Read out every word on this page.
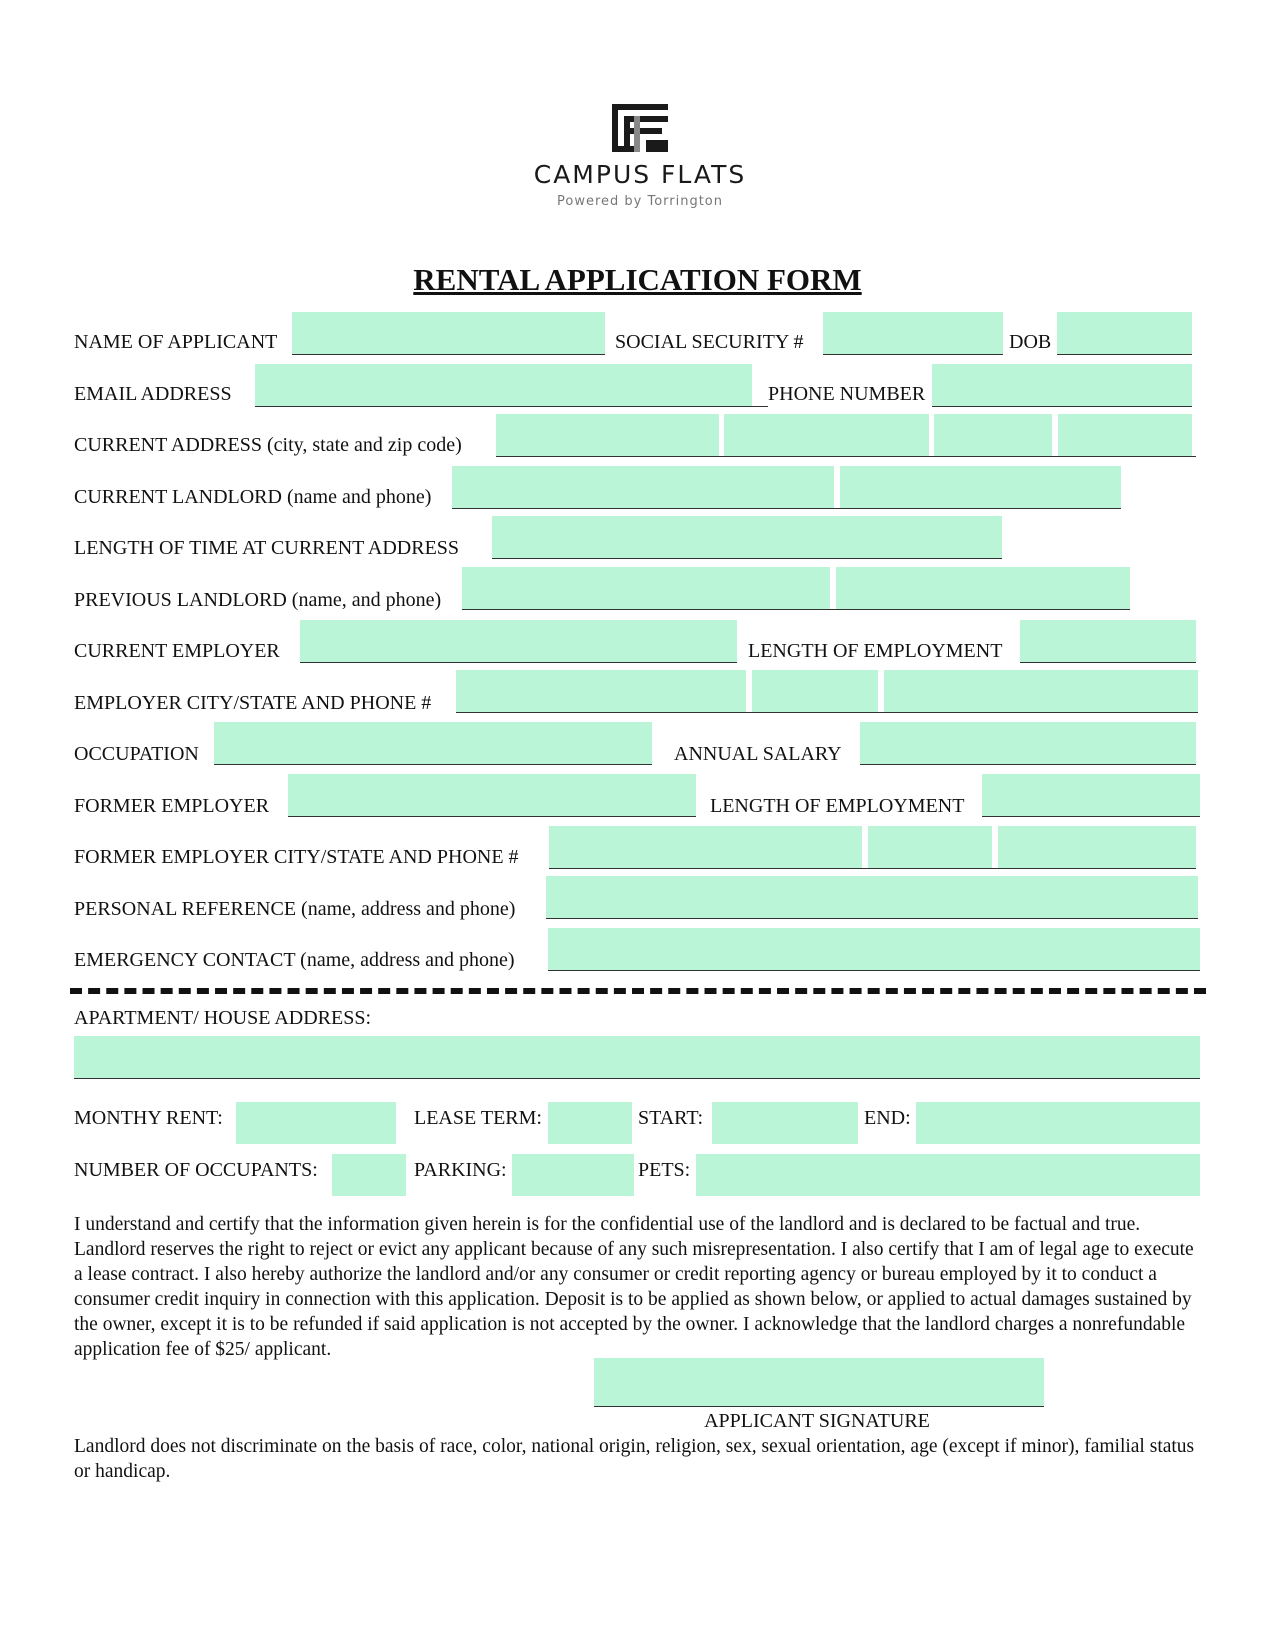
CAMPUS FLATS
Powered by Torrington
RENTAL APPLICATION FORM
NAME OF APPLICANT	SOCIAL SECURITY #	DOB
EMAIL ADDRESS	PHONE NUMBER
CURRENT ADDRESS (city, state and zip code)
CURRENT LANDLORD (name and phone)
LENGTH OF TIME AT CURRENT ADDRESS
PREVIOUS LANDLORD (name, and phone)
CURRENT EMPLOYER	LENGTH OF EMPLOYMENT
EMPLOYER CITY/STATE AND PHONE #
OCCUPATION	ANNUAL SALARY
FORMER EMPLOYER	LENGTH OF EMPLOYMENT
FORMER EMPLOYER CITY/STATE AND PHONE #
PERSONAL REFERENCE (name, address and phone)
EMERGENCY CONTACT (name, address and phone)
APARTMENT/ HOUSE ADDRESS:
MONTHY RENT:	LEASE TERM:	START:	END:
NUMBER OF OCCUPANTS:	PARKING:	PETS:
I understand and certify that the information given herein is for the confidential use of the landlord and is declared to be factual and true. Landlord reserves the right to reject or evict any applicant because of any such misrepresentation. I also certify that I am of legal age to execute a lease contract. I also hereby authorize the landlord and/or any consumer or credit reporting agency or bureau employed by it to conduct a consumer credit inquiry in connection with this application. Deposit is to be applied as shown below, or applied to actual damages sustained by the owner, except it is to be refunded if said application is not accepted by the owner. I acknowledge that the landlord charges a nonrefundable application fee of $25/ applicant.
APPLICANT SIGNATURE
Landlord does not discriminate on the basis of race, color, national origin, religion, sex, sexual orientation, age (except if minor), familial status or handicap.
